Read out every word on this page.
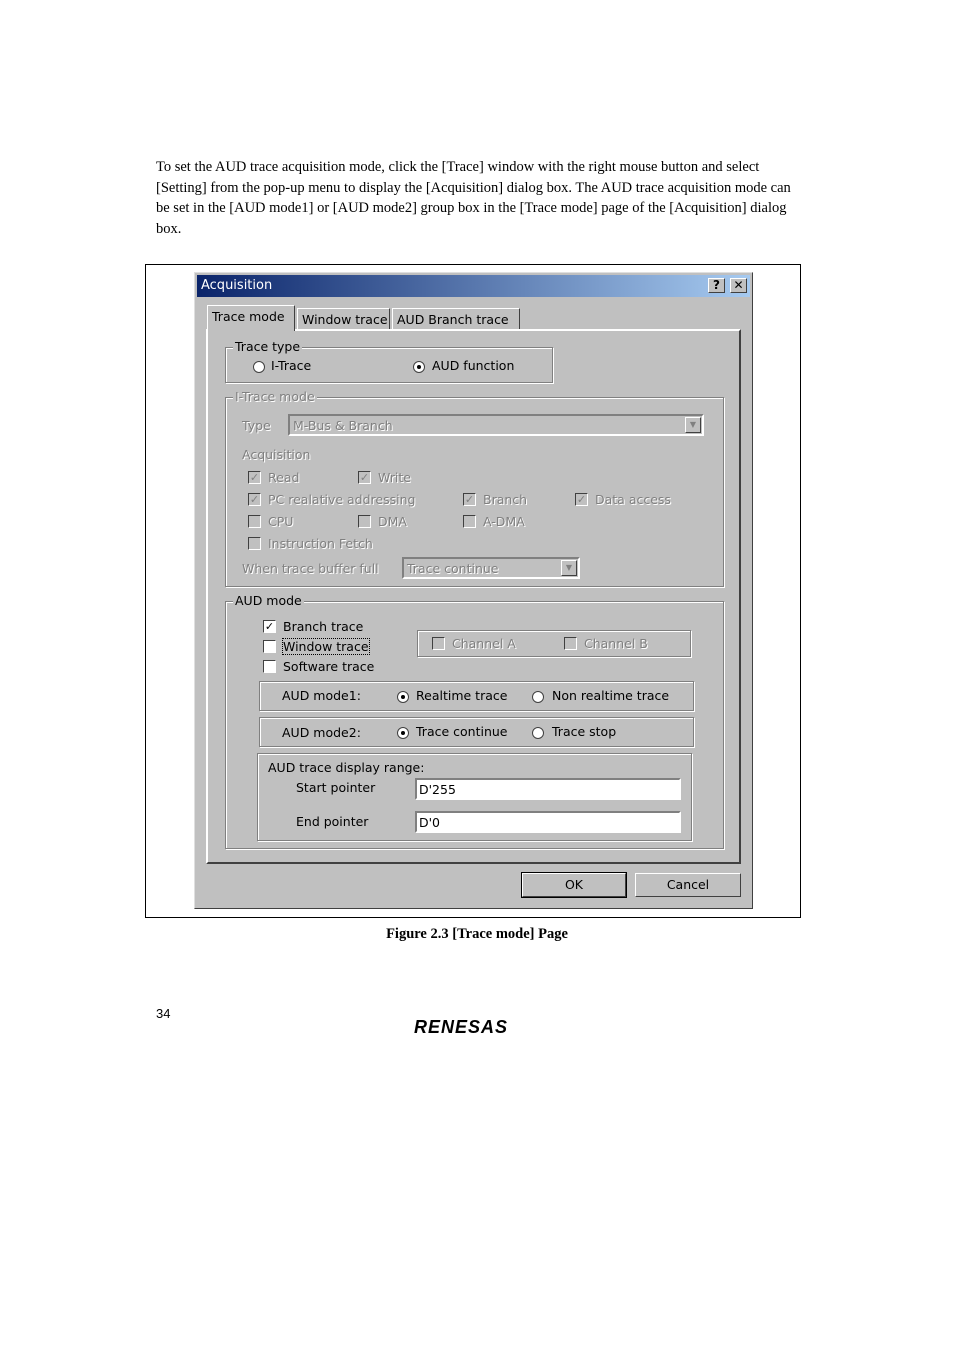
To set the AUD trace acquisition mode, click the [Trace] window with the right mouse button and select [Setting] from the pop-up menu to display the [Acquisition] dialog box. The AUD trace acquisition mode can be set in the [AUD mode1] or [AUD mode2] group box in the [Trace mode] page of the [Acquisition] dialog box.

Acquisition	?	✕
Trace mode	Window trace AUD Branch trace
Trace type
I-Trace	AUD function
I-Trace mode
Type M-Bus & Branch	▼
Acquisition
✓ Read	✓ Write
✓ PC realative addressing	✓ Branch	✓ Data access
CPU	DMA	A-DMA
Instruction Fetch
When trace buffer full Trace continue	▼
AUD mode
✓ Branch trace
Window trace
Software trace
Channel A	Channel B
AUD mode1:	Realtime trace	Non realtime trace
AUD mode2:	Trace continue	Trace stop
AUD trace display range:
Start pointer
D'255
End pointer
D'0
OK	Cancel
Figure 2.3 [Trace mode] Page
34
RENESAS
